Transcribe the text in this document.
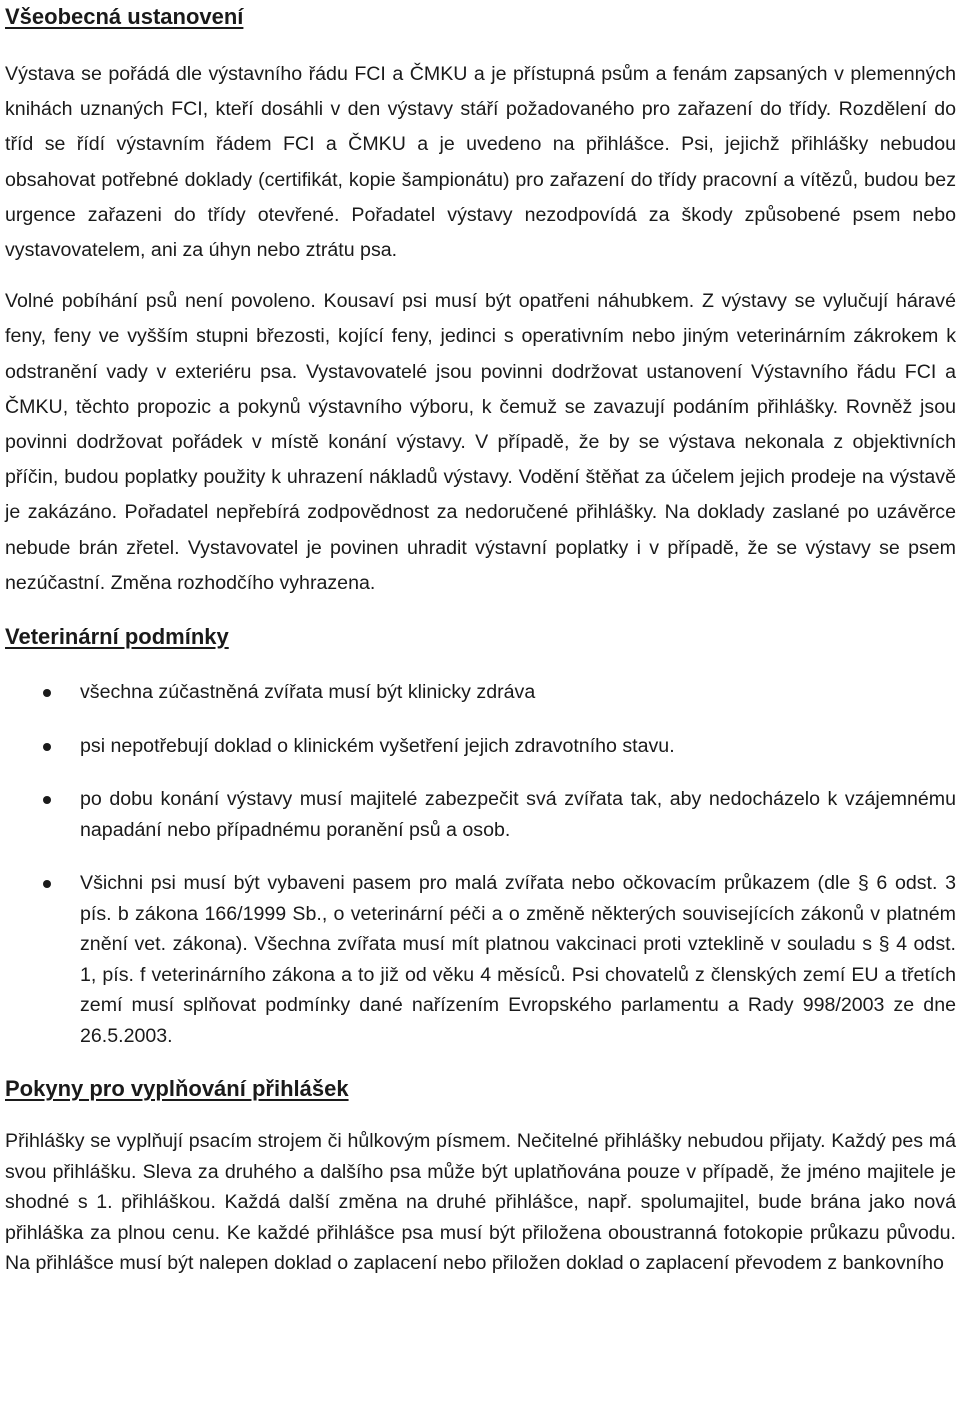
Všeobecná ustanovení

Výstava se pořádá dle výstavního řádu FCI a ČMKU a je přístupná psům a fenám zapsaných v plemenných knihách uznaných FCI, kteří dosáhli v den výstavy stáří požadovaného pro zařazení do třídy. Rozdělení do tříd se řídí výstavním řádem FCI a ČMKU a je uvedeno na přihlášce. Psi, jejichž přihlášky nebudou obsahovat potřebné doklady (certifikát, kopie šampionátu) pro zařazení do třídy pracovní a vítězů, budou bez urgence zařazeni do třídy otevřené. Pořadatel výstavy nezodpovídá za škody způsobené psem nebo vystavovatelem, ani za úhyn nebo ztrátu psa.

Volné pobíhání psů není povoleno. Kousaví psi musí být opatřeni náhubkem. Z výstavy se vylučují háravé feny, feny ve vyšším stupni březosti, kojící feny, jedinci s operativním nebo jiným veterinárním zákrokem k odstranění vady v exteriéru psa. Vystavovatelé jsou povinni dodržovat ustanovení Výstavního řádu FCI a ČMKU, těchto propozic a pokynů výstavního výboru, k čemuž se zavazují podáním přihlášky. Rovněž jsou povinni dodržovat pořádek v místě konání výstavy. V případě, že by se výstava nekonala z objektivních příčin, budou poplatky použity k uhrazení nákladů výstavy. Vodění štěňat za účelem jejich prodeje na výstavě je zakázáno. Pořadatel nepřebírá zodpovědnost za nedoručené přihlášky. Na doklady zaslané po uzávěrce nebude brán zřetel. Vystavovatel je povinen uhradit výstavní poplatky i v případě, že se výstavy se psem nezúčastní. Změna rozhodčího vyhrazena.

Veterinární podmínky
všechna zúčastněná zvířata musí být klinicky zdráva
psi nepotřebují doklad o klinickém vyšetření jejich zdravotního stavu.
po dobu konání výstavy musí majitelé zabezpečit svá zvířata tak, aby nedocházelo k vzájemnému napadání nebo případnému poranění psů a osob.
Všichni psi musí být vybaveni pasem pro malá zvířata nebo očkovacím průkazem (dle § 6 odst. 3 pís. b zákona 166/1999 Sb., o veterinární péči a o změně některých souvisejících zákonů v platném znění vet. zákona). Všechna zvířata musí mít platnou vakcinaci proti vzteklině v souladu s § 4 odst. 1, pís. f veterinárního zákona a to již od věku 4 měsíců. Psi chovatelů z členských zemí EU a třetích zemí musí splňovat podmínky dané nařízením Evropského parlamentu a Rady 998/2003 ze dne 26.5.2003.
Pokyny pro vyplňování přihlášek

Přihlášky se vyplňují psacím strojem či hůlkovým písmem. Nečitelné přihlášky nebudou přijaty. Každý pes má svou přihlášku. Sleva za druhého a dalšího psa může být uplatňována pouze v případě, že jméno majitele je shodné s 1. přihláškou. Každá další změna na druhé přihlášce, např. spolumajitel, bude brána jako nová přihláška za plnou cenu. Ke každé přihlášce psa musí být přiložena oboustranná fotokopie průkazu původu. Na přihlášce musí být nalepen doklad o zaplacení nebo přiložen doklad o zaplacení převodem z bankovního
